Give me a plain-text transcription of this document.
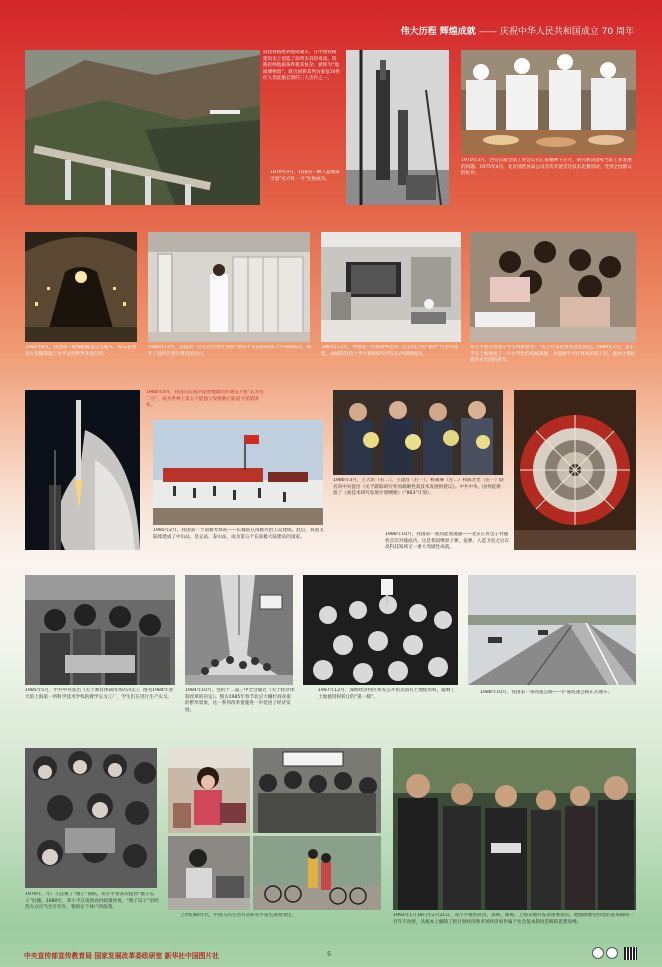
伟大历程 辉煌成就 —— 庆祝中华人民共和国成立 70 周年

成昆铁路胜利建成通车，在中国铁路建设史上创造了前所未有的奇迹。铁路沿线地质条件极其复杂，被称为“地质博物馆”，联合国将其列为象征20世纪人类征服自然的三大杰作之一。

1970年4月，我国第一颗人造地球卫星“东方红一号”发射成功。

1970年3月，西安首届全国工业会议在汇报精神下召开，研究解决国家当前工业发展的问题。1975年4月，北京国营食品公司首次开展烹饪技术比赛活动，受到全国群众的好评。

1982年8月，我国第一座海底隧道正式通车，标志着我国大型隧道施工水平达到世界先进行列。

1983年12月，我国第一台亿次巨型计算机“银河-I”在国防科技大学研制成功，填补了国内巨型计算机的空白。

1983年12月，中国第一台每秒钟运算一亿次以上的“银河”巨型计算机，由国防科技大学计算机研究所在长沙研制成功。

邓小平曾在看望小学生时称赞说：“电子计算机要从娃娃抓起。”1984年2月，邓小平在上海观看了一个小学生的电脑表演，并鼓励学习计算机的孩子们，推动计算机教育在全国的普及。

1984年4月，我国首次成功发射地球同步通信卫星“东方红二号”，成为世界上第五个能独立发射静止轨道卫星的国家。

1985年2月，我国第一个南极考察站——长城站在南极乔治王岛建成。此后，我国又陆续建成了中山站、昆仑站、泰山站，成为第五个在南极大陆建站的国家。

1986年3月，王大珩（右二）、王淦昌（右一）、杨嘉墀（左二）和陈芳允（左一）联名向中央提出《关于跟踪研究外国战略性高技术发展的建议》。中共中央、国务院批准了《高技术研究发展计划纲要》（“863”计划）。

1988年10月，我国第一座高能加速器——北京正负电子对撞机首次对撞成功。这是我国继原子弹、氢弹、人造卫星之后在高科技领域又一重大突破性成就。

1985年5月，中共中央发出《关于教育体制改革的决定》。图为1984年春天的上海第一所科学技术学校的教学实习工厂，学生们在进行生产实习。

1984年10月，党的十二届三中全会通过《关于经济体制改革的决定》。图为1985年春节北京大栅栏商业街的繁华景象，这一系列改革措施进一步促进了经济发展。

1987年12月，深圳经济特区率先公开拍卖国有土地使用权，敲响了土地使用权转让的“第一槌”。

1988年10月，我国第一条高速公路——沪嘉高速公路正式通车。

1979年，年广久注册了“傻子”商标。邓小平曾多次提到“傻子瓜子”问题。1980年，邓小平在谈到农村政策时说，“傻子瓜子”的经营方式应当允许存在，要稳定个体户的政策。

上世纪80年代，中国人的生活方式和水平发生深刻变化。	1992年1月18日至2月21日，邓小平视察武昌、深圳、珠海、上海等地并发表重要谈话。他强调要坚持党的基本路线一百年不动摇，从根本上解除了把计划经济和市场经济看作属于社会基本制度范畴的思想束缚。

中央宣传部宣传教育局 国家发展改革委政研室 新华社中国图片社	5
